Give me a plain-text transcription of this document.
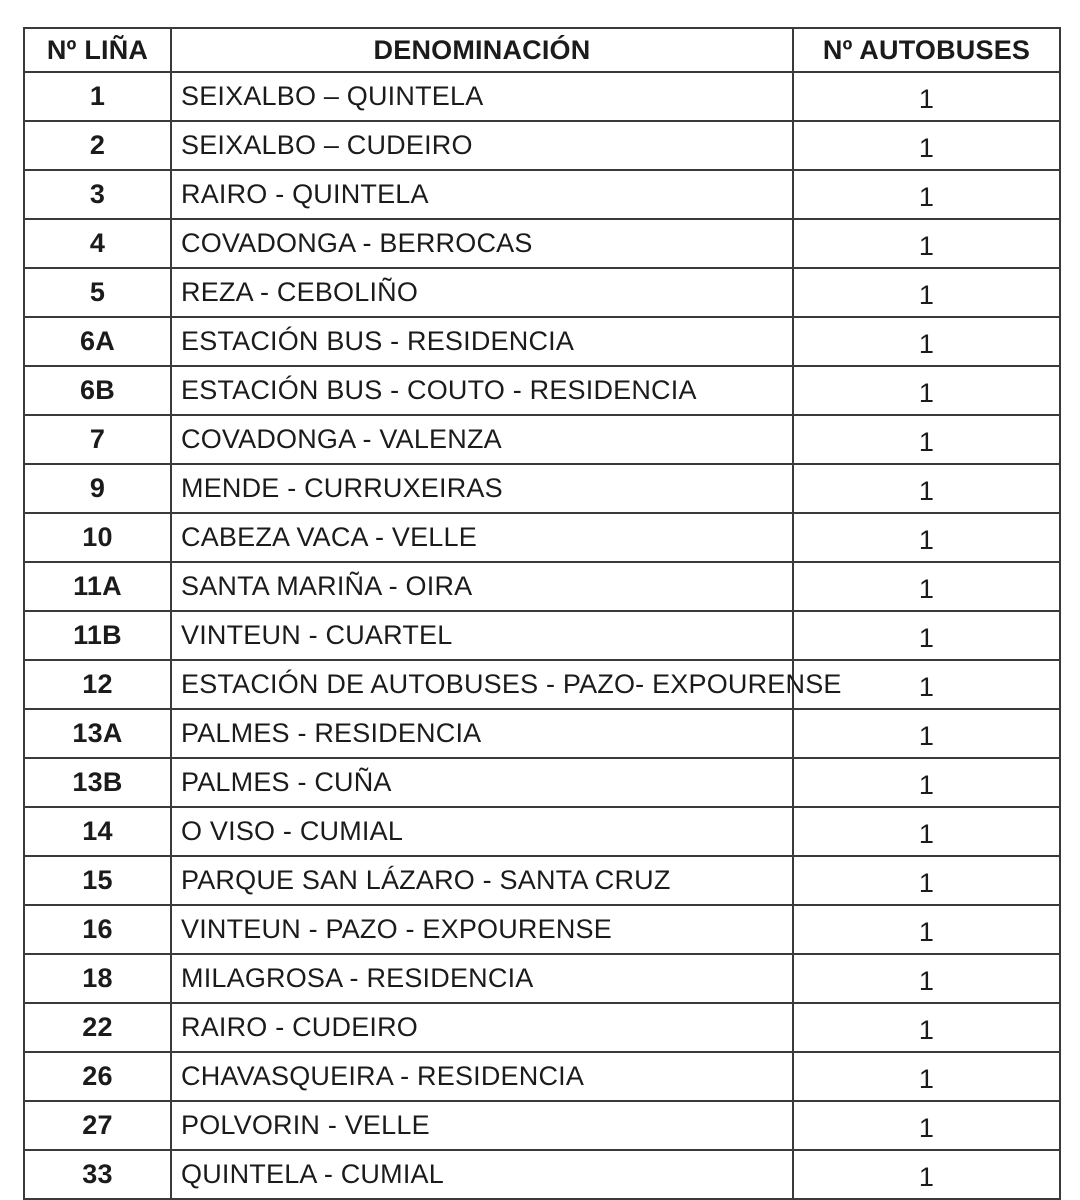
Nº LIÑA	DENOMINACIÓN	Nº AUTOBUSES
1	SEIXALBO – QUINTELA	1
2	SEIXALBO – CUDEIRO	1
3	RAIRO - QUINTELA	1
4	COVADONGA - BERROCAS	1
5	REZA - CEBOLIÑO	1
6A	ESTACIÓN BUS - RESIDENCIA	1
6B	ESTACIÓN BUS - COUTO - RESIDENCIA	1
7	COVADONGA - VALENZA	1
9	MENDE - CURRUXEIRAS	1
10	CABEZA VACA - VELLE	1
11A	SANTA MARIÑA - OIRA	1
11B	VINTEUN - CUARTEL	1
12	ESTACIÓN DE AUTOBUSES - PAZO- EXPOURENSE	1
13A	PALMES - RESIDENCIA	1
13B	PALMES - CUÑA	1
14	O VISO - CUMIAL	1
15	PARQUE SAN LÁZARO - SANTA CRUZ	1
16	VINTEUN - PAZO - EXPOURENSE	1
18	MILAGROSA - RESIDENCIA	1
22	RAIRO - CUDEIRO	1
26	CHAVASQUEIRA - RESIDENCIA	1
27	POLVORIN - VELLE	1
33	QUINTELA - CUMIAL	1
